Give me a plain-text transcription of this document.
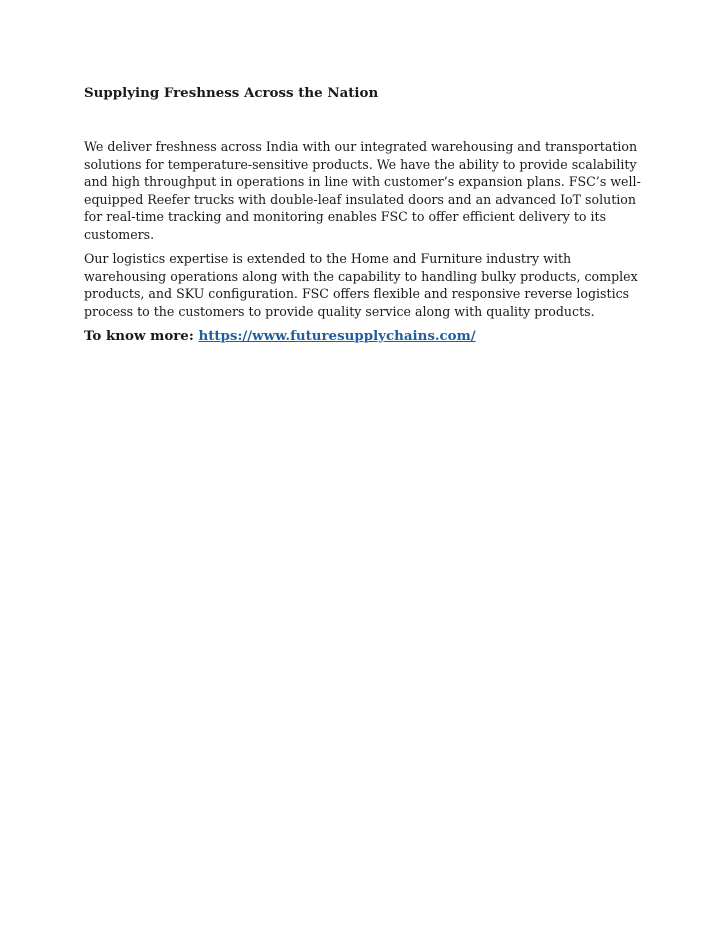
Supplying Freshness Across the Nation

We deliver freshness across India with our integrated warehousing and transportation solutions for temperature-sensitive products. We have the ability to provide scalability and high throughput in operations in line with customer’s expansion plans. FSC’s well-equipped Reefer trucks with double-leaf insulated doors and an advanced IoT solution for real-time tracking and monitoring enables FSC to offer efficient delivery to its customers.

Our logistics expertise is extended to the Home and Furniture industry with warehousing operations along with the capability to handling bulky products, complex products, and SKU configuration. FSC offers flexible and responsive reverse logistics process to the customers to provide quality service along with quality products.

To know more: https://www.futuresupplychains.com/
